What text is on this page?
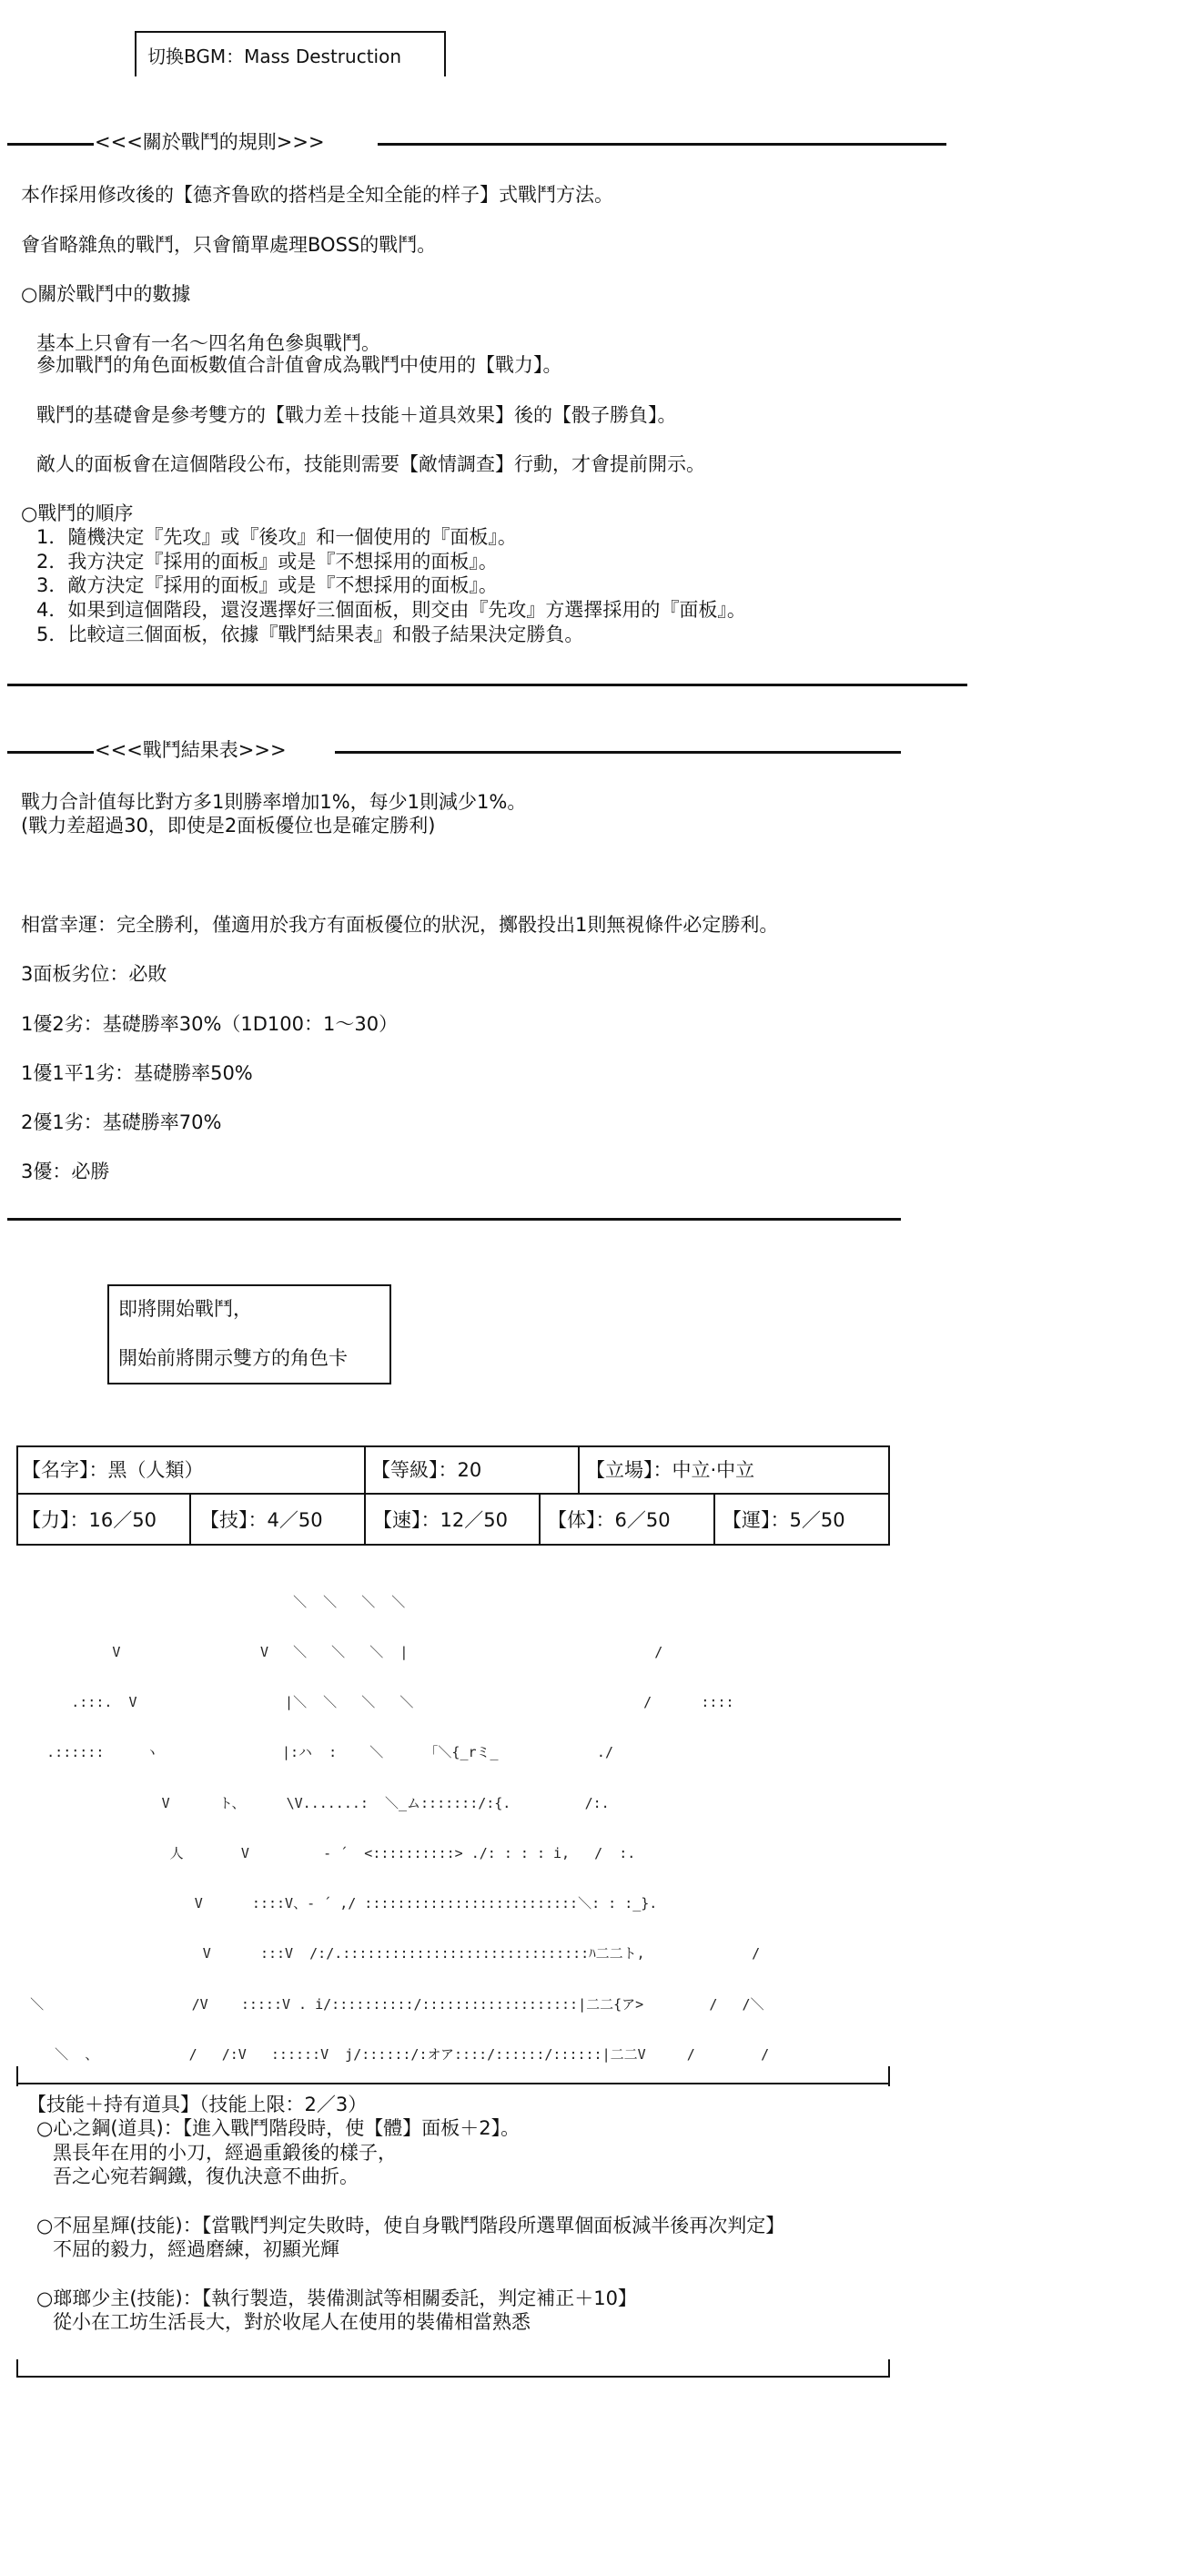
切換BGM：Mass Destruction
<<<關於戰鬥的規則>>>
本作採用修改後的【德齐鲁欧的搭档是全知全能的样子】式戰鬥方法。
會省略雜魚的戰鬥，只會簡單處理BOSS的戰鬥。
○關於戰鬥中的數據
基本上只會有一名～四名角色參與戰鬥。
參加戰鬥的角色面板數值合計值會成為戰鬥中使用的【戰力】。
戰鬥的基礎會是參考雙方的【戰力差＋技能＋道具效果】後的【骰子勝負】。
敵人的面板會在這個階段公布，技能則需要【敵情調查】行動，才會提前開示。
○戰鬥的順序
1．隨機決定『先攻』或『後攻』和一個使用的『面板』。
2．我方決定『採用的面板』或是『不想採用的面板』。
3．敵方決定『採用的面板』或是『不想採用的面板』。
4．如果到這個階段，還沒選擇好三個面板，則交由『先攻』方選擇採用的『面板』。
5．比較這三個面板，依據『戰鬥結果表』和骰子結果決定勝負。
<<<戰鬥結果表>>>
戰力合計值每比對方多1則勝率增加1%，每少1則減少1%。
(戰力差超過30，即使是2面板優位也是確定勝利)
相當幸運：完全勝利，僅適用於我方有面板優位的狀況，擲骰投出1則無視條件必定勝利。
3面板劣位：必敗
1優2劣：基礎勝率30%（1D100：1～30）
1優1平1劣：基礎勝率50%
2優1劣：基礎勝率70%
3優：必勝
即將開始戰鬥，
開始前將開示雙方的角色卡
【名字】：黑（人類）	【等級】：20	【立場】：中立·中立
【力】：16／50 【技】：4／50	【速】：12／50 【体】：6／50	【運】：5／50

＼  ＼   ＼  ＼

V                 V   ＼   ＼   ＼  |                              /

.:::.  V                  |＼  ＼   ＼   ＼                            /      ::::

.::::::     ヽ               |:ハ  :    ＼     「＼{_rミ_            ./

V      ト、     \V.......:  ＼_ム:::::::/:{.         /:.

人       V         ‐ ´  <::::::::::> ./: : : : i,   /  :.

V      ::::V、- ´ ,/ ::::::::::::::::::::::::::＼: : :_}.

V      :::V  /:/.::::::::::::::::::::::::::::::ﾊ二二ト,             /

＼                  /V    :::::V . i/::::::::::/:::::::::::::::::::|二二{ア>        /   /＼

＼  、           /   /:V   ::::::V  j/::::::/:オア::::/::::::/::::::|二二V     /        /

【技能＋持有道具】（技能上限：2／3）
○心之鋼(道具)：【進入戰鬥階段時，使【體】面板＋2】。
黑長年在用的小刀，經過重鍛後的樣子，
吾之心宛若鋼鐵，復仇決意不曲折。
○不屈星輝(技能)：【當戰鬥判定失敗時，使自身戰鬥階段所選單個面板減半後再次判定】
不屈的毅力，經過磨練，初顯光輝
○瑯瑯少主(技能)：【執行製造，裝備測試等相關委託，判定補正＋10】
從小在工坊生活長大，對於收尾人在使用的裝備相當熟悉
